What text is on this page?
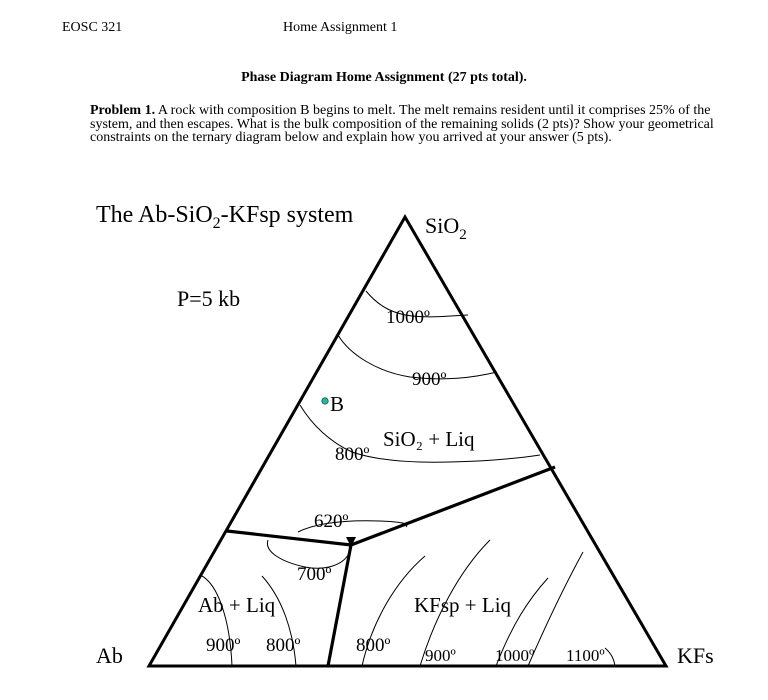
EOSC 321	Home Assignment 1
Phase Diagram Home Assignment (27 pts total).
Problem 1. A rock with composition B begins to melt. The melt remains resident until it comprises 25% of the system, and then escapes. What is the bulk composition of the remaining solids (2 pts)? Show your geometrical constraints on the ternary diagram below and explain how you arrived at your answer (5 pts).
The Ab-SiO$_2$-KFsp system
P=5 kb
SiO$_2$
Ab	KFs
B
SiO₂ + Liq
Ab + Liq	KFsp + Liq
1000º
900º
800º
620º
700º
900º 800º	800º 900º 1000º 1100º
